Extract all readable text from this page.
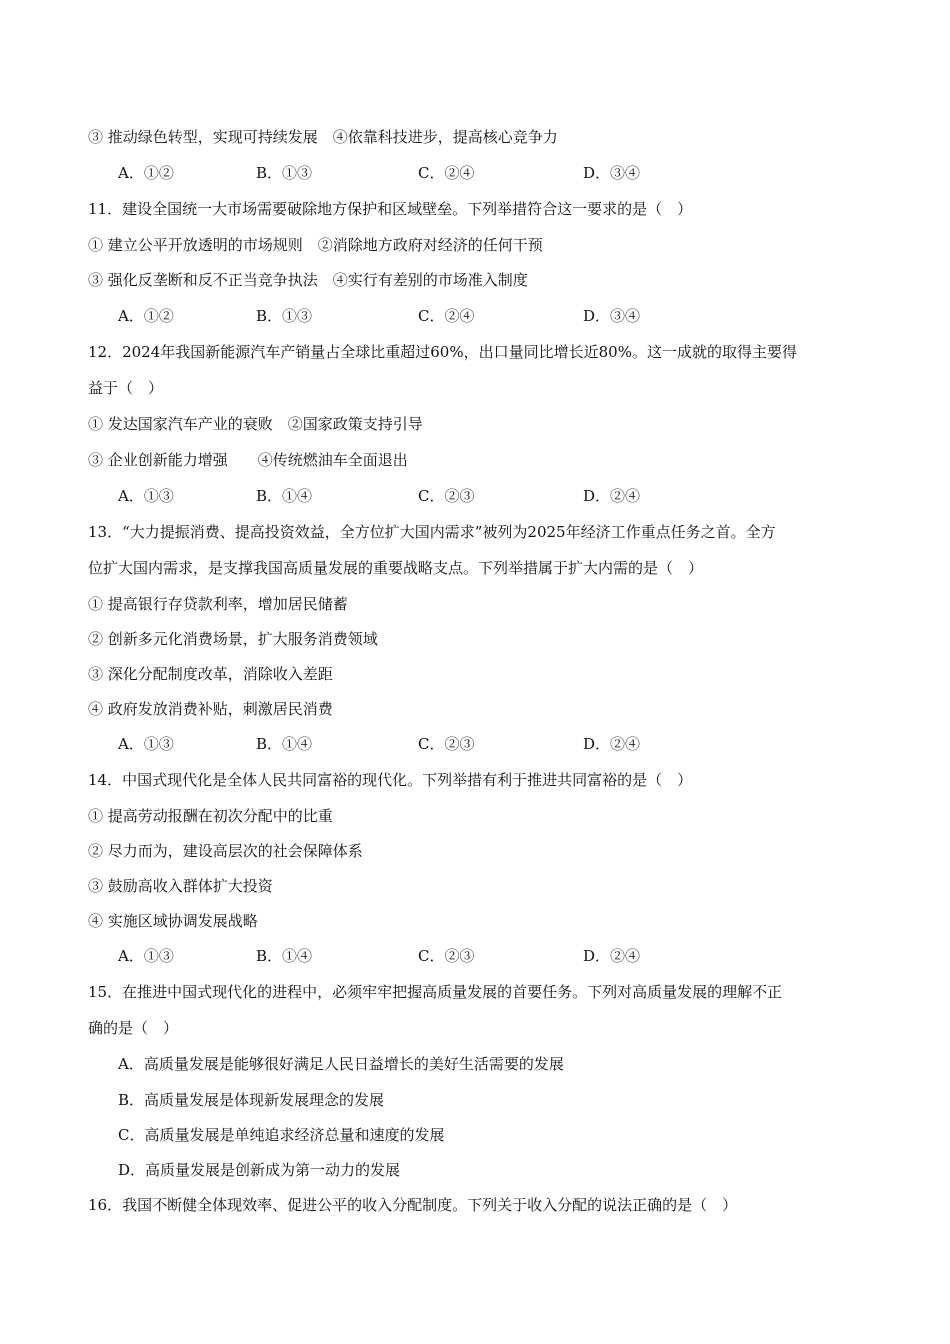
③ 推动绿色转型，实现可持续发展　④依靠科技进步，提高核心竞争力
A．①②	B．①③	C．②④	D．③④
11．建设全国统一大市场需要破除地方保护和区域壁垒。下列举措符合这一要求的是（　）
① 建立公平开放透明的市场规则　②消除地方政府对经济的任何干预
③ 强化反垄断和反不正当竞争执法　④实行有差别的市场准入制度
A．①②	B．①③	C．②④	D．③④
12．2024年我国新能源汽车产销量占全球比重超过60%，出口量同比增长近80%。这一成就的取得主要得
益于（　）
① 发达国家汽车产业的衰败　②国家政策支持引导
③ 企业创新能力增强　　④传统燃油车全面退出
A．①③	B．①④	C．②③	D．②④
13．“大力提振消费、提高投资效益，全方位扩大国内需求”被列为2025年经济工作重点任务之首。全方
位扩大国内需求，是支撑我国高质量发展的重要战略支点。下列举措属于扩大内需的是（　）
① 提高银行存贷款利率，增加居民储蓄
② 创新多元化消费场景，扩大服务消费领域
③ 深化分配制度改革，消除收入差距
④ 政府发放消费补贴，刺激居民消费
A．①③	B．①④	C．②③	D．②④
14．中国式现代化是全体人民共同富裕的现代化。下列举措有利于推进共同富裕的是（　）
① 提高劳动报酬在初次分配中的比重
② 尽力而为，建设高层次的社会保障体系
③ 鼓励高收入群体扩大投资
④ 实施区域协调发展战略
A．①③	B．①④	C．②③	D．②④
15．在推进中国式现代化的进程中，必须牢牢把握高质量发展的首要任务。下列对高质量发展的理解不正
确的是（　）
A．高质量发展是能够很好满足人民日益增长的美好生活需要的发展
B．高质量发展是体现新发展理念的发展
C．高质量发展是单纯追求经济总量和速度的发展
D．高质量发展是创新成为第一动力的发展
16．我国不断健全体现效率、促进公平的收入分配制度。下列关于收入分配的说法正确的是（　）
